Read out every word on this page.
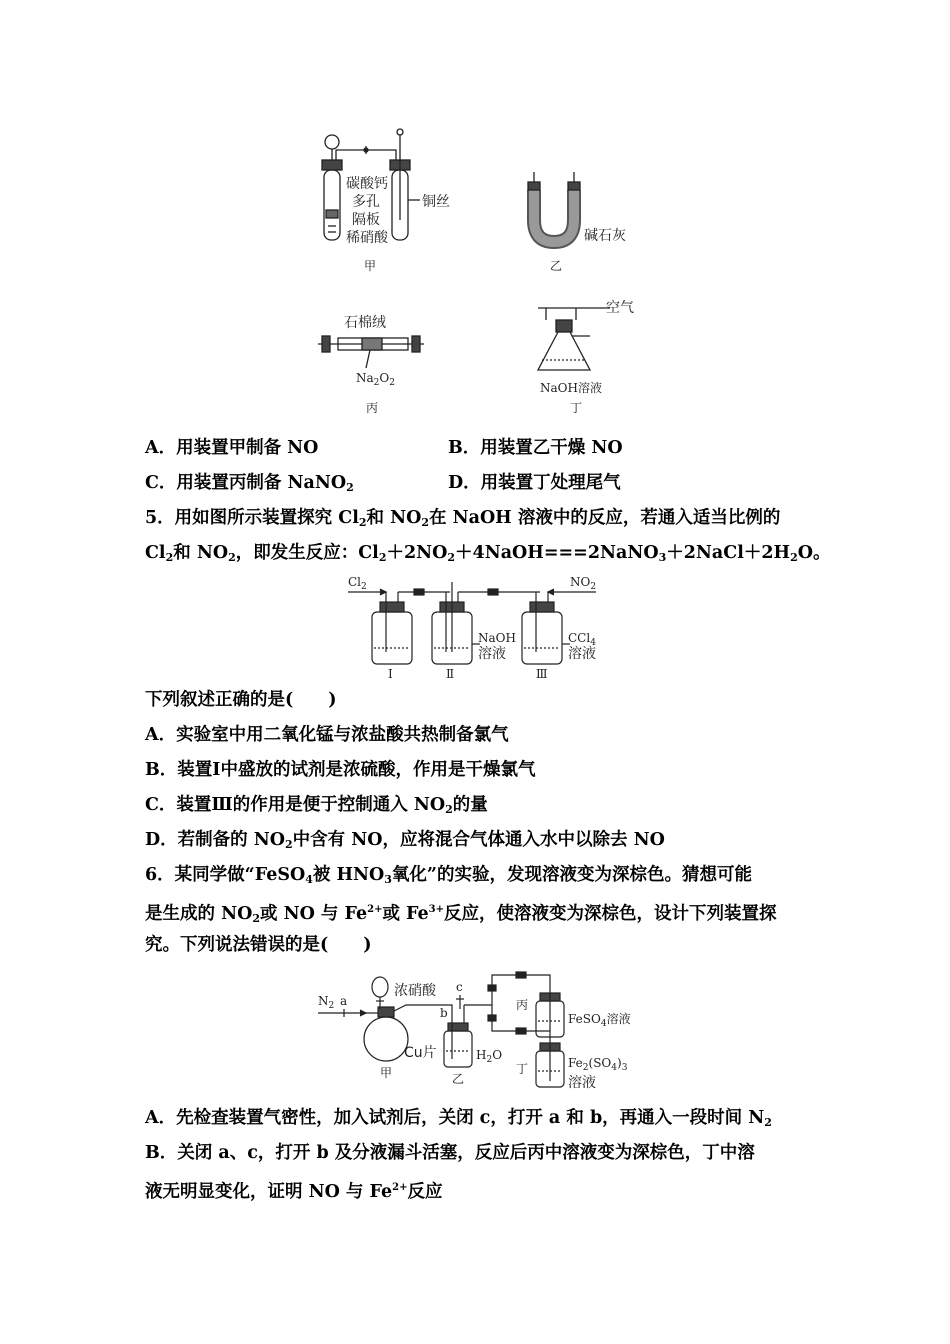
碳酸钙
多孔
隔板
稀硝酸
铜丝
甲
碱石灰
乙
石棉绒
$Na_2O_2$
丙
空气
NaOH溶液
丁
A．用装置甲制备 NO	B．用装置乙干燥 NO
C．用装置丙制备 NaNO$_2$	D．用装置丁处理尾气
5．用如图所示装置探究 $Cl_2$和 $NO_2$在 NaOH 溶液中的反应，若通入适当比例的
$Cl_2$和 $NO_2$，即发生反应：$Cl_2+2NO_2+4NaOH===2NaNO_3+2NaCl+2H_2O$。
$Cl_2$	$NO_2$
NaOH
溶液
CCl$_4$
溶液
Ⅰ	Ⅱ	Ⅲ
下列叙述正确的是(　　)
A．实验室中用二氧化锰与浓盐酸共热制备氯气
B．装置Ⅰ中盛放的试剂是浓硫酸，作用是干燥氯气
C．装置Ⅲ的作用是便于控制通入 $NO_2$的量
D．若制备的 $NO_2$中含有 NO，应将混合气体通入水中以除去 NO
6．某同学做“FeSO$_4$被 $HNO_3$氧化”的实验，发现溶液变为深棕色。猜想可能
是生成的 $NO_2$或 NO 与 $Fe^{2+}$或 $Fe^{3+}$反应，使溶液变为深棕色，设计下列装置探
究。下列说法错误的是(　　)
$N_2$ a
浓硝酸 c
b
Cu片
甲
$H_2O$
乙
丙
FeSO$_4$溶液
丁	$Fe_2(SO_4)_3$
溶液
A．先检查装置气密性，加入试剂后，关闭 c，打开 a 和 b，再通入一段时间 $N_2$
B．关闭 a、c，打开 b 及分液漏斗活塞，反应后丙中溶液变为深棕色，丁中溶
液无明显变化，证明 NO 与 $Fe^{2+}$反应
